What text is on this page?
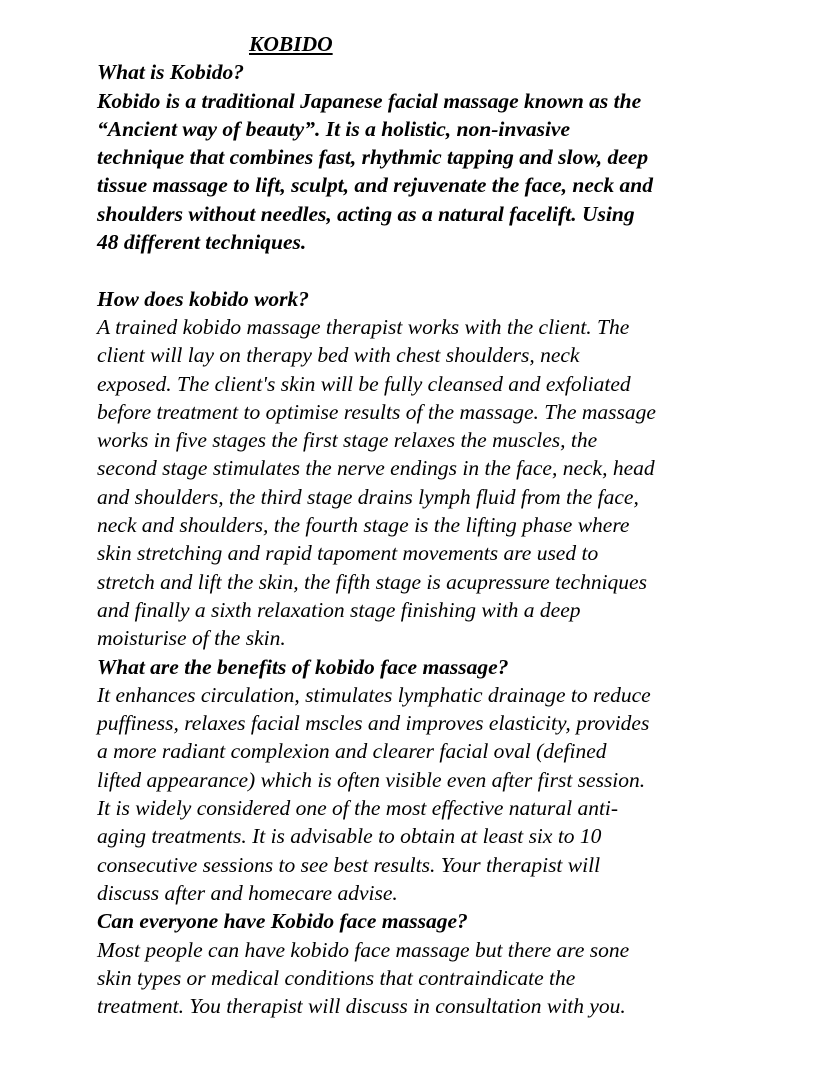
KOBIDO
What is Kobido?
Kobido is a traditional Japanese facial massage known as the
“Ancient way of beauty”. It is a holistic, non-invasive
technique that combines fast, rhythmic tapping and slow, deep
tissue massage to lift, sculpt, and rejuvenate the face, neck and
shoulders without needles, acting as a natural facelift. Using
48 different techniques.
How does kobido work?
A trained kobido massage therapist works with the client. The
client will lay on therapy bed with chest shoulders, neck
exposed. The client's skin will be fully cleansed and exfoliated
before treatment to optimise results of the massage. The massage
works in five stages the first stage relaxes the muscles, the
second stage stimulates the nerve endings in the face, neck, head
and shoulders, the third stage drains lymph fluid from the face,
neck and shoulders, the fourth stage is the lifting phase where
skin stretching and rapid tapoment movements are used to
stretch and lift the skin, the fifth stage is acupressure techniques
and finally a sixth relaxation stage finishing with a deep
moisturise of the skin.
What are the benefits of kobido face massage?
It enhances circulation, stimulates lymphatic drainage to reduce
puffiness, relaxes facial mscles and improves elasticity, provides
a more radiant complexion and clearer facial oval (defined
lifted appearance) which is often visible even after first session.
It is widely considered one of the most effective natural anti-
aging treatments. It is advisable to obtain at least six to 10
consecutive sessions to see best results. Your therapist will
discuss after and homecare advise.
Can everyone have Kobido face massage?
Most people can have kobido face massage but there are sone
skin types or medical conditions that contraindicate the
treatment. You therapist will discuss in consultation with you.
